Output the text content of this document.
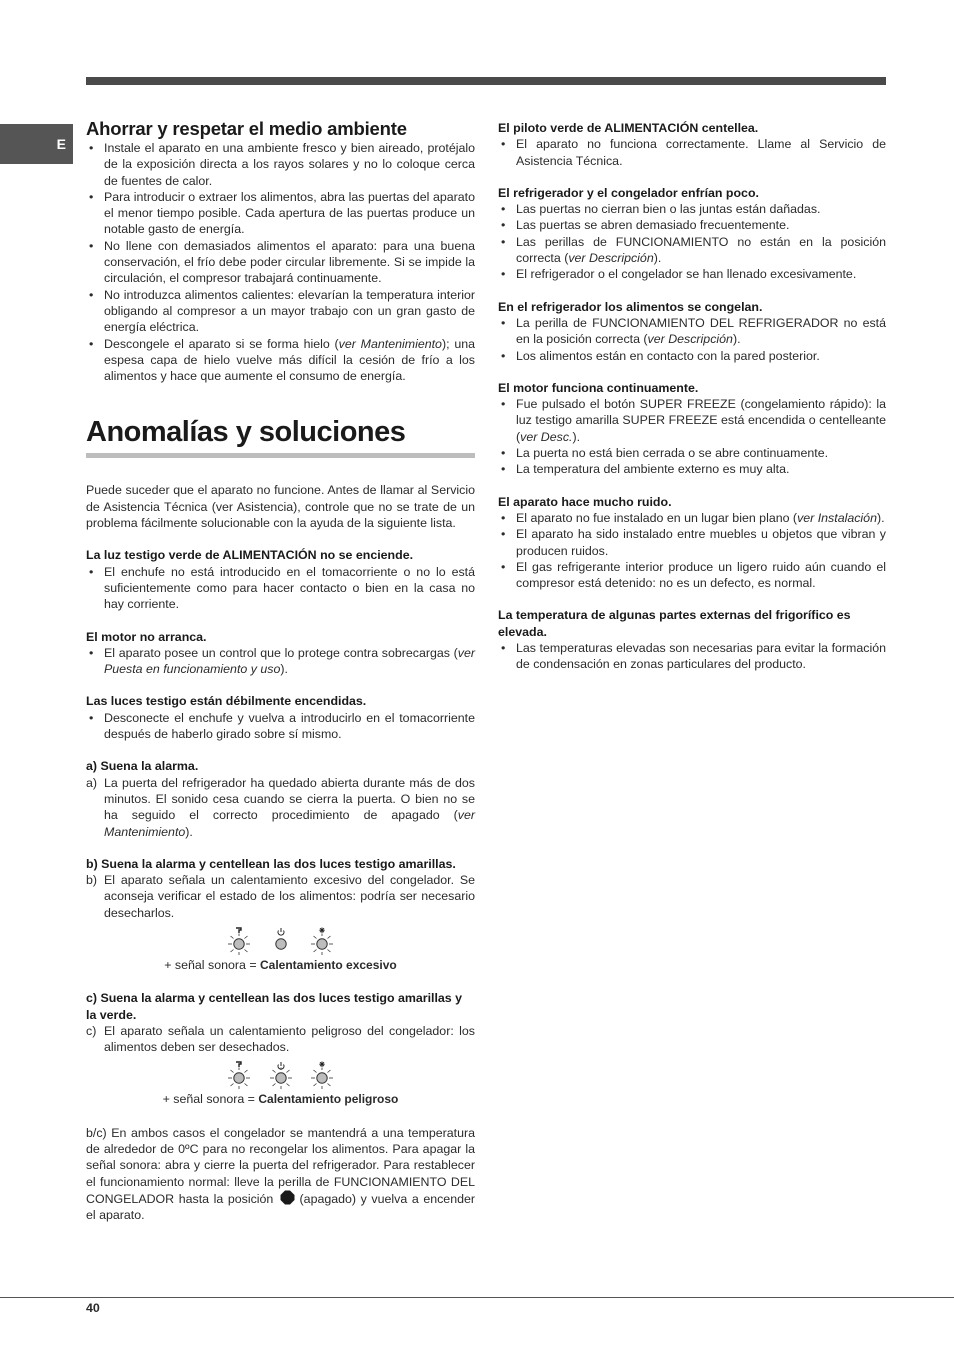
E
Ahorrar y respetar el medio ambiente
• Instale el aparato en una ambiente fresco y bien aireado, protéjalo de la exposición directa a los rayos solares y no lo coloque cerca de fuentes de calor.
• Para introducir o extraer los alimentos, abra las puertas del aparato el menor tiempo posible. Cada apertura de las puertas produce un notable gasto de energía.
• No llene con demasiados alimentos el aparato: para una buena conservación, el frío debe poder circular libremente. Si se impide la circulación, el compresor trabajará continuamente.
• No introduzca alimentos calientes: elevarían la temperatura interior obligando al compresor a un mayor trabajo con un gran gasto de energía eléctrica.
• Descongele el aparato si se forma hielo (ver Mantenimiento); una espesa capa de hielo vuelve más difícil la cesión de frío a los alimentos y hace que aumente el consumo de energía.
Anomalías y soluciones

Puede suceder que el aparato no funcione. Antes de llamar al Servicio de Asistencia Técnica (ver Asistencia), controle que no se trate de un problema fácilmente solucionable con la ayuda de la siguiente lista.

La luz testigo verde de ALIMENTACIÓN no se enciende.

• El enchufe no está introducido en el tomacorriente o no lo está suficientemente como para hacer contacto o bien en la casa no hay corriente.

El motor no arranca.

• El aparato posee un control que lo protege contra sobrecargas (ver Puesta en funcionamiento y uso).

Las luces testigo están débilmente encendidas.

• Desconecte el enchufe y vuelva a introducirlo en el tomacorriente después de haberlo girado sobre sí mismo.

a) Suena la alarma.

a) La puerta del refrigerador ha quedado abierta durante más de dos minutos. El sonido cesa cuando se cierra la puerta. O bien no se ha seguido el correcto procedimiento de apagado (ver Mantenimiento).

b) Suena la alarma y centellean las dos luces testigo amarillas.

b) El aparato señala un calentamiento excesivo del congelador. Se aconseja verificar el estado de los alimentos: podría ser necesario desecharlos.

+ señal sonora = Calentamiento excesivo

c) Suena la alarma y centellean las dos luces testigo amarillas y la verde.

c) El aparato señala un calentamiento peligroso del congelador: los alimentos deben ser desechados.

+ señal sonora = Calentamiento peligroso

b/c) En ambos casos el congelador se mantendrá a una temperatura de alrededor de 0ºC para no recongelar los alimentos. Para apagar la señal sonora: abra y cierre la puerta del refrigerador. Para restablecer el funcionamiento normal: lleve la perilla de FUNCIONAMIENTO DEL CONGELADOR hasta la posición (apagado) y vuelva a encender el aparato.

El piloto verde de ALIMENTACIÓN centellea.

• El aparato no funciona correctamente. Llame al Servicio de Asistencia Técnica.

El refrigerador y el congelador enfrían poco.

• Las puertas no cierran bien o las juntas están dañadas.
• Las puertas se abren demasiado frecuentemente.
• Las perillas de FUNCIONAMIENTO no están en la posición correcta (ver Descripción).
• El refrigerador o el congelador se han llenado excesivamente.

En el refrigerador los alimentos se congelan.

• La perilla de FUNCIONAMIENTO DEL REFRIGERADOR no está en la posición correcta (ver Descripción).
• Los alimentos están en contacto con la pared posterior.

El motor funciona continuamente.

• Fue pulsado el botón SUPER FREEZE (congelamiento rápido): la luz testigo amarilla SUPER FREEZE está encendida o centelleante (ver Desc.).
• La puerta no está bien cerrada o se abre continuamente.
• La temperatura del ambiente externo es muy alta.

El aparato hace mucho ruido.

• El aparato no fue instalado en un lugar bien plano (ver Instalación).
• El aparato ha sido instalado entre muebles u objetos que vibran y producen ruidos.
• El gas refrigerante interior produce un ligero ruido aún cuando el compresor está detenido: no es un defecto, es normal.

La temperatura de algunas partes externas del frigorífico es elevada.

• Las temperaturas elevadas son necesarias para evitar la formación de condensación en zonas particulares del producto.
40
